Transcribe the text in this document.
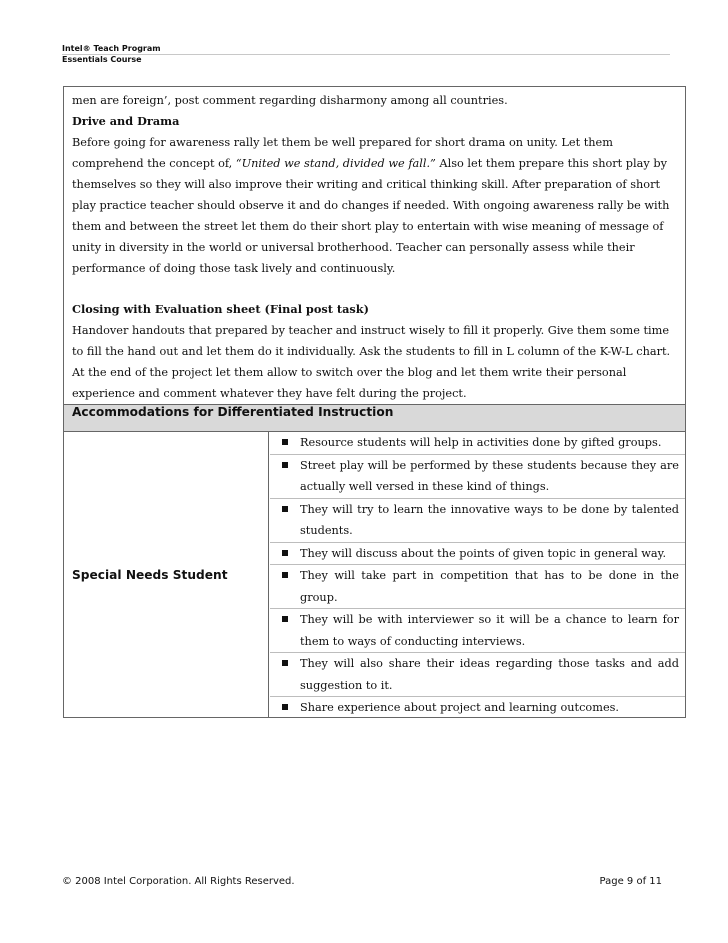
Intel® Teach Program
Essentials Course

men are foreign’, post comment regarding disharmony among all countries.

Drive and Drama

Before going for awareness rally let them be well prepared for short drama on unity. Let them comprehend the concept of, “United we stand, divided we fall.” Also let them prepare this short play by themselves so they will also improve their writing and critical thinking skill. After preparation of short play practice teacher should observe it and do changes if needed. With ongoing awareness rally be with them and between the street let them do their short play to entertain with wise meaning of message of unity in diversity in the world or universal brotherhood. Teacher can personally assess while their performance of doing those task lively and continuously.

Closing with Evaluation sheet (Final post task)

Handover handouts that prepared by teacher and instruct wisely to fill it properly. Give them some time to fill the hand out and let them do it individually. Ask the students to fill in L column of the K-W-L chart. At the end of the project let them allow to switch over the blog and let them write their personal experience and comment whatever they have felt during the project.

Accommodations for Differentiated Instruction
Special Needs Student
Resource students will help in activities done by gifted groups.
Street play will be performed by these students because they are actually well versed in these kind of things.
They will try to learn the innovative ways to be done by talented students.
They will discuss about the points of given topic in general way.
They will take part in competition that has to be done in the group.
They will be with interviewer so it will be a chance to learn for them to ways of conducting interviews.
They will also share their ideas regarding those tasks and add suggestion to it.
Share experience about project and learning outcomes.
© 2008 Intel Corporation. All Rights Reserved.	Page 9 of 11
